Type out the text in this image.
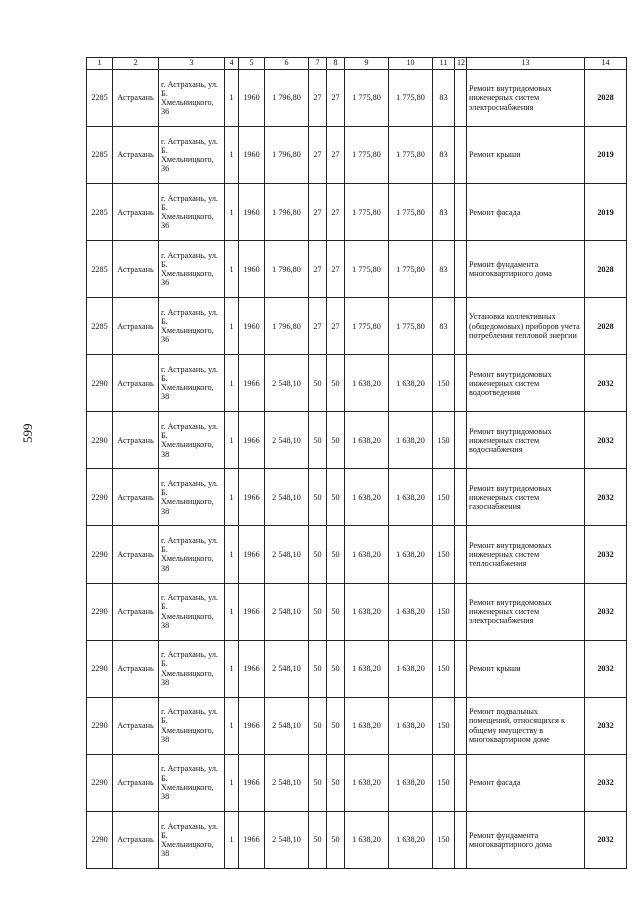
599
1	2	3	4	5	6	7	8	9	10	11	12	13	14
2285	Астрахань	г. Астрахань, ул. Б. Хмельницкого, 36	1	1960	1 796,80	27	27	1 775,80	1 775,80	83		Ремонт внутридомовых инженерных систем электроснабжения	2028
2285	Астрахань	г. Астрахань, ул. Б. Хмельницкого, 36	1	1960	1 796,80	27	27	1 775,80	1 775,80	83		Ремонт крыши	2019
2285	Астрахань	г. Астрахань, ул. Б. Хмельницкого, 36	1	1960	1 796,80	27	27	1 775,80	1 775,80	83		Ремонт фасада	2019
2285	Астрахань	г. Астрахань, ул. Б. Хмельницкого, 36	1	1960	1 796,80	27	27	1 775,80	1 775,80	83		Ремонт фундамента многоквартирного дома	2028
2285	Астрахань	г. Астрахань, ул. Б. Хмельницкого, 36	1	1960	1 796,80	27	27	1 775,80	1 775,80	83		Установка коллективных (общедомовых) приборов учета потребления тепловой энергии	2028
2290	Астрахань	г. Астрахань, ул. Б. Хмельницкого, 38	1	1966	2 548,10	50	50	1 638,20	1 638,20	150		Ремонт внутридомовых инженерных систем водоотведения	2032
2290	Астрахань	г. Астрахань, ул. Б. Хмельницкого, 38	1	1966	2 548,10	50	50	1 638,20	1 638,20	150		Ремонт внутридомовых инженерных систем водоснабжения	2032
2290	Астрахань	г. Астрахань, ул. Б. Хмельницкого, 38	1	1966	2 548,10	50	50	1 638,20	1 638,20	150		Ремонт внутридомовых инженерных систем газоснабжения	2032
2290	Астрахань	г. Астрахань, ул. Б. Хмельницкого, 38	1	1966	2 548,10	50	50	1 638,20	1 638,20	150		Ремонт внутридомовых инженерных систем теплоснабжения	2032
2290	Астрахань	г. Астрахань, ул. Б. Хмельницкого, 38	1	1966	2 548,10	50	50	1 638,20	1 638,20	150		Ремонт внутридомовых инженерных систем электроснабжения	2032
2290	Астрахань	г. Астрахань, ул. Б. Хмельницкого, 38	1	1966	2 548,10	50	50	1 638,20	1 638,20	150		Ремонт крыши	2032
2290	Астрахань	г. Астрахань, ул. Б. Хмельницкого, 38	1	1966	2 548,10	50	50	1 638,20	1 638,20	150		Ремонт подвальных помещений, относящихся к общему имуществу в многоквартирном доме	2032
2290	Астрахань	г. Астрахань, ул. Б. Хмельницкого, 38	1	1966	2 548,10	50	50	1 638,20	1 638,20	150		Ремонт фасада	2032
2290	Астрахань	г. Астрахань, ул. Б. Хмельницкого, 38	1	1966	2 548,10	50	50	1 638,20	1 638,20	150		Ремонт фундамента многоквартирного дома	2032
